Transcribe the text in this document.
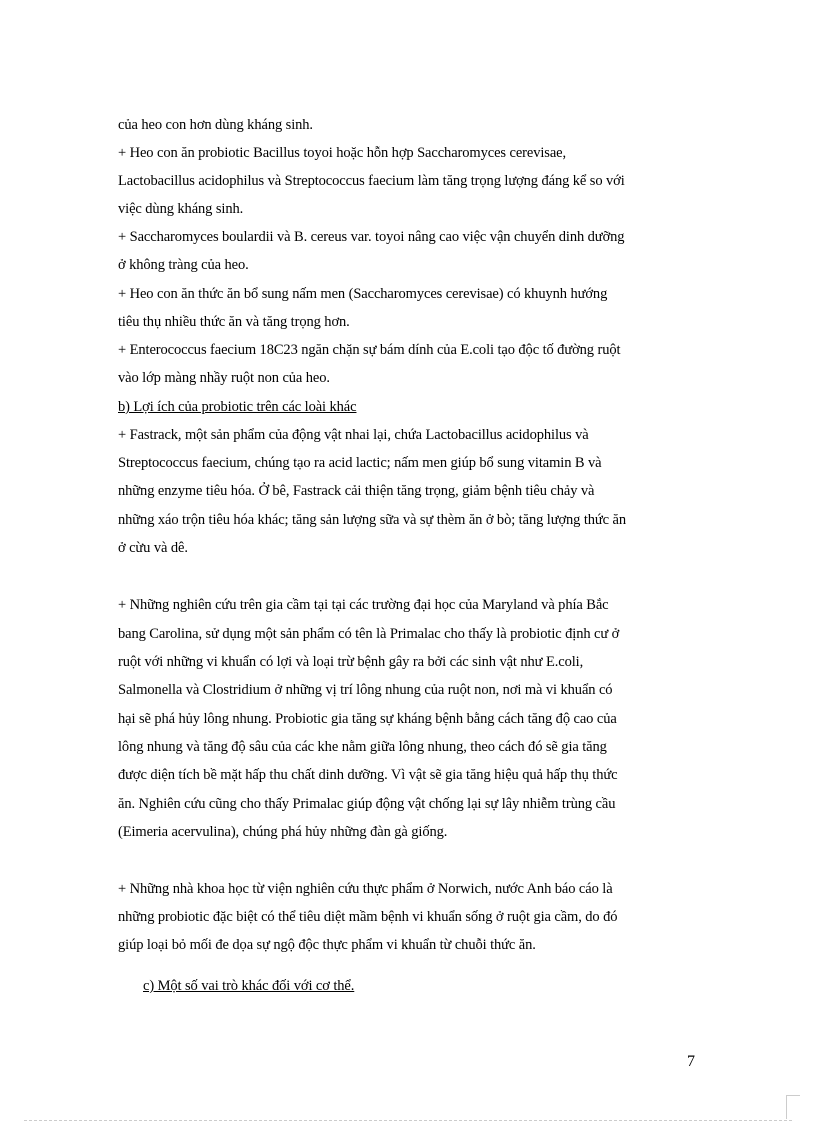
của heo con hơn dùng kháng sinh.
+ Heo con ăn probiotic Bacillus toyoi hoặc hỗn hợp Saccharomyces cerevisae,
Lactobacillus acidophilus và Streptococcus faecium làm tăng trọng lượng đáng kể so với
việc dùng kháng sinh.
+ Saccharomyces boulardii và B. cereus var. toyoi nâng cao việc vận chuyển dinh dưỡng
ở không tràng của heo.
+ Heo con ăn thức ăn bổ sung nấm men (Saccharomyces cerevisae) có khuynh hướng
tiêu thụ nhiều thức ăn và tăng trọng hơn.
+ Enterococcus faecium 18C23 ngăn chặn sự bám dính của E.coli tạo độc tố đường ruột
vào lớp màng nhầy ruột non của heo.
b) Lợi ích của probiotic trên các loài khác
+ Fastrack, một sản phẩm của động vật nhai lại, chứa Lactobacillus acidophilus và
Streptococcus faecium, chúng tạo ra acid lactic; nấm men giúp bổ sung vitamin B và
những enzyme tiêu hóa. Ở bê, Fastrack cải thiện tăng trọng, giảm bệnh tiêu chảy và
những xáo trộn tiêu hóa khác; tăng sản lượng sữa và sự thèm ăn ở bò; tăng lượng thức ăn
ở cừu và dê.
+ Những nghiên cứu trên gia cầm tại tại các trường đại học của Maryland và phía Bắc
bang Carolina, sử dụng một sản phẩm có tên là Primalac cho thấy là probiotic định cư ở
ruột với những vi khuẩn có lợi và loại trừ bệnh gây ra bởi các sinh vật như E.coli,
Salmonella và Clostridium ở những vị trí lông nhung của ruột non, nơi mà vi khuẩn có
hại sẽ phá hủy lông nhung. Probiotic gia tăng sự kháng bệnh bằng cách tăng độ cao của
lông nhung và tăng độ sâu của các khe nằm giữa lông nhung, theo cách đó sẽ gia tăng
được diện tích bề mặt hấp thu chất dinh dưỡng. Vì vật sẽ gia tăng hiệu quả hấp thụ thức
ăn. Nghiên cứu cũng cho thấy Primalac giúp động vật chống lại sự lây nhiễm trùng cầu
(Eimeria acervulina), chúng phá hủy những đàn gà giống.
+ Những nhà khoa học từ viện nghiên cứu thực phẩm ở Norwich, nước Anh báo cáo là
những probiotic đặc biệt có thể tiêu diệt mầm bệnh vi khuẩn sống ở ruột gia cầm, do đó
giúp loại bỏ mối đe dọa sự ngộ độc thực phẩm vi khuẩn từ chuỗi thức ăn.
c) Một số vai trò khác đối với cơ thể.
7
